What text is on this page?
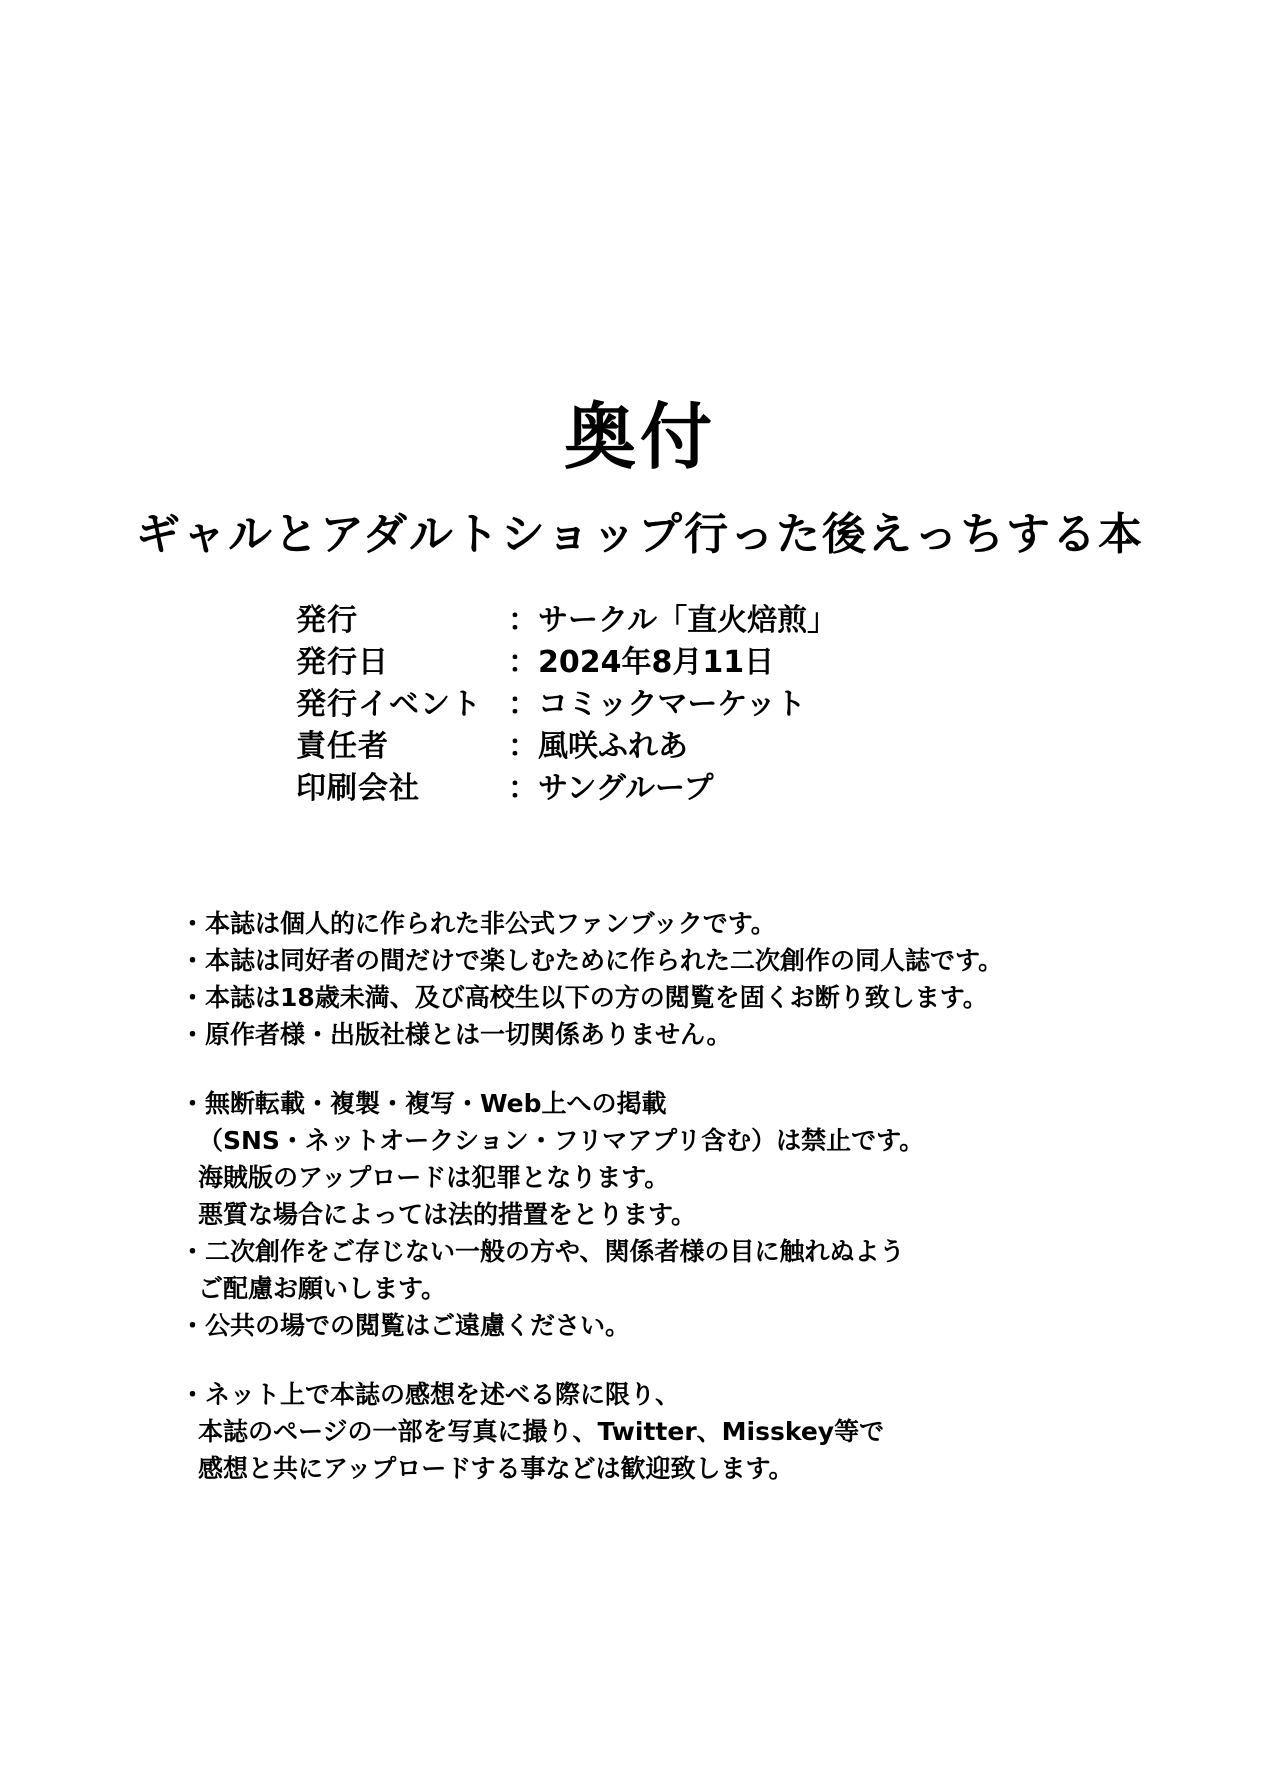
奥付
ギャルとアダルトショップ行った後えっちする本
発行	： サークル「直火焙煎」
発行日	： 2024年8月11日
発行イベント ： コミックマーケット
責任者	： 風咲ふれあ
印刷会社	： サングループ
・本誌は個人的に作られた非公式ファンブックです。
・本誌は同好者の間だけで楽しむために作られた二次創作の同人誌です。
・本誌は18歳未満、及び高校生以下の方の閲覧を固くお断り致します。
・原作者様・出版社様とは一切関係ありません。
・無断転載・複製・複写・Web上への掲載
（SNS・ネットオークション・フリマアプリ含む）は禁止です。
海賊版のアップロードは犯罪となります。
悪質な場合によっては法的措置をとります。
・二次創作をご存じない一般の方や、関係者様の目に触れぬよう
ご配慮お願いします。
・公共の場での閲覧はご遠慮ください。
・ネット上で本誌の感想を述べる際に限り、
本誌のページの一部を写真に撮り、Twitter、Misskey等で
感想と共にアップロードする事などは歓迎致します。
